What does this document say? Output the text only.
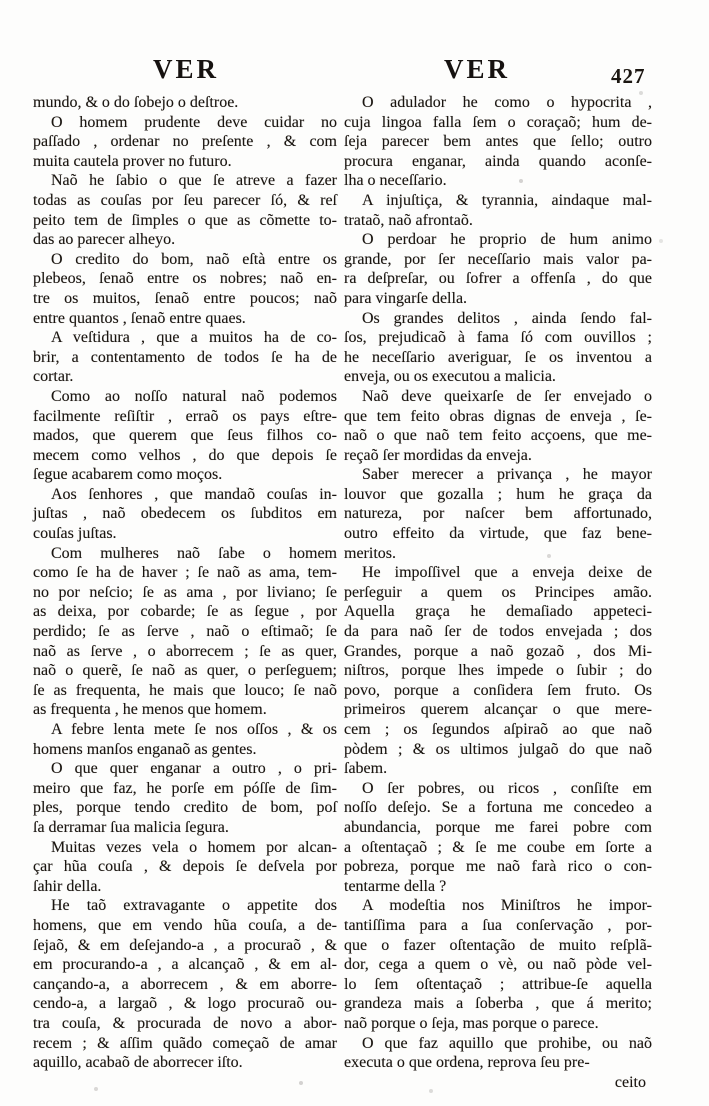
VER	VER	427
mundo, & o do ſobejo o deſtroe.
O homem prudente deve cuidar no
paſſado , ordenar no preſente , & com
muita cautela prover no futuro.
Naõ he ſabio o que ſe atreve a fazer
todas as couſas por ſeu parecer ſó, & reſ
peito tem de ſimples o que as cõmette to-
das ao parecer alheyo.
O credito do bom, naõ eſtà entre os
plebeos, ſenaõ entre os nobres; naõ en-
tre os muitos, ſenaõ entre poucos; naõ
entre quantos , ſenaõ entre quaes.
A veſtidura , que a muitos ha de co-
brir, a contentamento de todos ſe ha de
cortar.
Como ao noſſo natural naõ podemos
facilmente reſiſtir , erraõ os pays eſtre-
mados, que querem que ſeus filhos co-
mecem como velhos , do que depois ſe
ſegue acabarem como moços.
Aos ſenhores , que mandaõ couſas in-
juſtas , naõ obedecem os ſubditos em
couſas juſtas.
Com mulheres naõ ſabe o homem
como ſe ha de haver ; ſe naõ as ama, tem-
no por neſcio; ſe as ama , por liviano; ſe
as deixa, por cobarde; ſe as ſegue , por
perdido; ſe as ſerve , naõ o eſtimaõ; ſe
naõ as ſerve , o aborrecem ; ſe as quer,
naõ o querẽ, ſe naõ as quer, o perſeguem;
ſe as frequenta, he mais que louco; ſe naõ
as frequenta , he menos que homem.
A febre lenta mete ſe nos oſſos , & os
homens manſos enganaõ as gentes.
O que quer enganar a outro , o pri-
meiro que faz, he porſe em póſſe de ſim-
ples, porque tendo credito de bom, poſ
ſa derramar ſua malicia ſegura.
Muitas vezes vela o homem por alcan-
çar hũa couſa , & depois ſe deſvela por
ſahir della.
He taõ extravagante o appetite dos
homens, que em vendo hũa couſa, a de-
ſejaõ, & em deſejando-a , a procuraõ , &
em procurando-a , a alcançaõ , & em al-
cançando-a, a aborrecem , & em aborre-
cendo-a, a largaõ , & logo procuraõ ou-
tra couſa, & procurada de novo a abor-
recem ; & aſſim quãdo começaõ de amar
aquillo, acabaõ de aborrecer iſto.
O adulador he como o hypocrita ,
cuja lingoa falla ſem o coraçaõ; hum de-
ſeja parecer bem antes que ſello; outro
procura enganar, ainda quando aconſe-
lha o neceſſario.
A injuſtiça, & tyrannia, aindaque mal-
trataõ, naõ afrontaõ.
O perdoar he proprio de hum animo
grande, por ſer neceſſario mais valor pa-
ra deſpreſar, ou ſofrer a offenſa , do que
para vingarſe della.
Os grandes delitos , ainda ſendo fal-
ſos, prejudicaõ à fama ſó com ouvillos ;
he neceſſario averiguar, ſe os inventou a
enveja, ou os executou a malicia.
Naõ deve queixarſe de ſer envejado o
que tem feito obras dignas de enveja , ſe-
naõ o que naõ tem feito acçoens, que me-
reçaõ ſer mordidas da enveja.
Saber merecer a privança , he mayor
louvor que gozalla ; hum he graça da
natureza, por naſcer bem affortunado,
outro effeito da virtude, que faz bene-
meritos.
He impoſſivel que a enveja deixe de
perſeguir a quem os Principes amão.
Aquella graça he demaſiado appeteci-
da para naõ ſer de todos envejada ; dos
Grandes, porque a naõ gozaõ , dos Mi-
niſtros, porque lhes impede o ſubir ; do
povo, porque a conſidera ſem fruto. Os
primeiros querem alcançar o que mere-
cem ; os ſegundos aſpiraõ ao que naõ
pòdem ; & os ultimos julgaõ do que naõ
ſabem.
O ſer pobres, ou ricos , conſiſte em
noſſo deſejo. Se a fortuna me concedeo a
abundancia, porque me farei pobre com
a oſtentaçaõ ; & ſe me coube em ſorte a
pobreza, porque me naõ farà rico o con-
tentarme della ?
A modeſtia nos Miniſtros he impor-
tantiſſima para a ſua conſervação , por-
que o fazer oſtentação de muito reſplã-
dor, cega a quem o vè, ou naõ pòde vel-
lo ſem oſtentaçaõ ; attribue-ſe aquella
grandeza mais a ſoberba , que á merito;
naõ porque o ſeja, mas porque o parece.
O que faz aquillo que prohibe, ou naõ
executa o que ordena, reprova ſeu pre-
ceito
